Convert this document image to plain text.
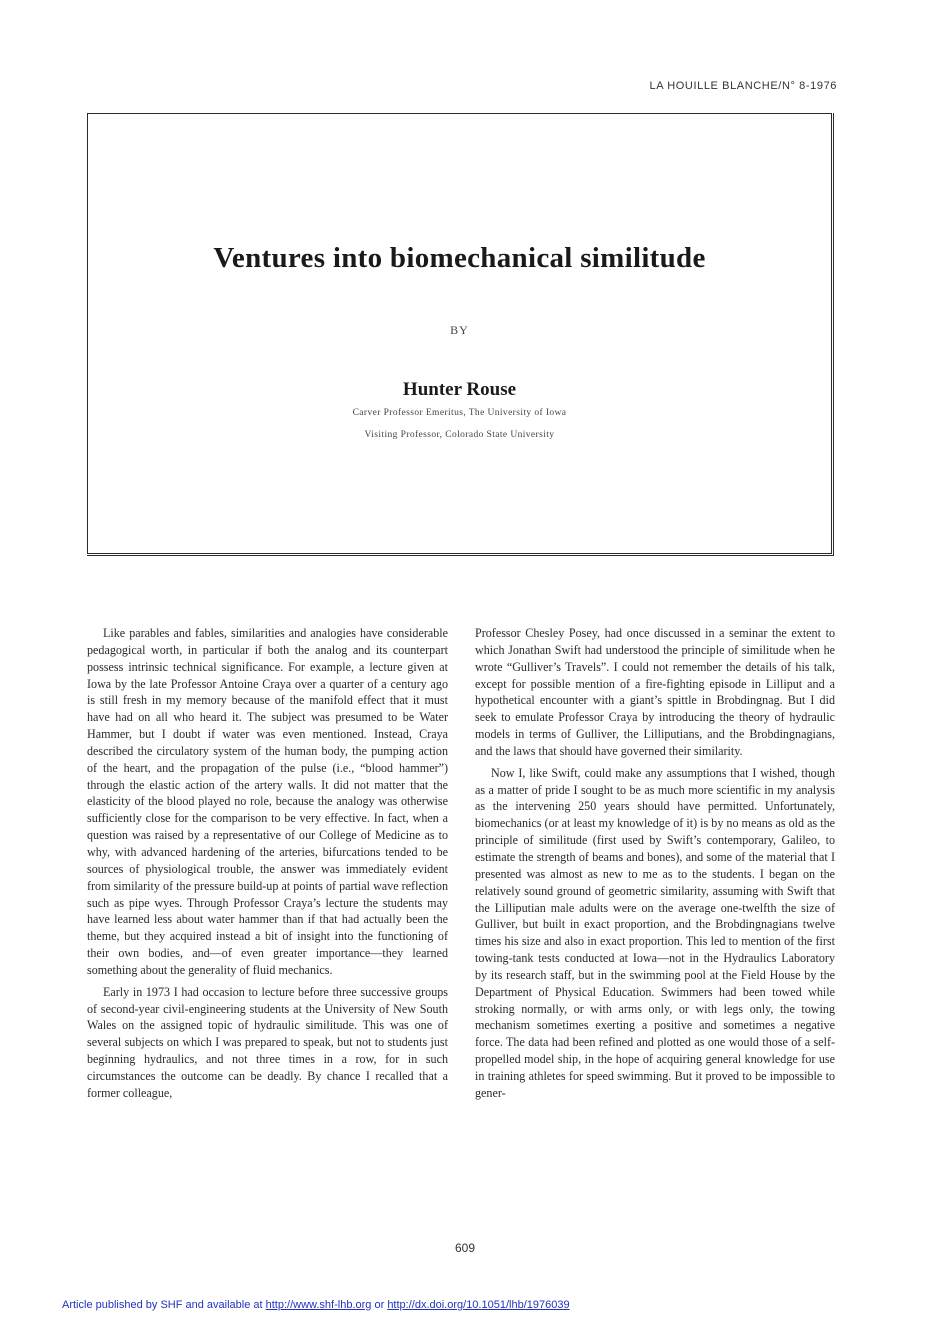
LA HOUILLE BLANCHE/N° 8-1976
Ventures into biomechanical similitude
BY
Hunter Rouse
Carver Professor Emeritus, The University of Iowa
Visiting Professor, Colorado State University

Like parables and fables, similarities and analogies have considerable pedagogical worth, in particular if both the analog and its counterpart possess intrinsic technical significance. For example, a lecture given at Iowa by the late Professor Antoine Craya over a quarter of a century ago is still fresh in my memory because of the manifold effect that it must have had on all who heard it. The subject was presumed to be Water Hammer, but I doubt if water was even mentioned. Instead, Craya described the circulatory system of the human body, the pumping action of the heart, and the propagation of the pulse (i.e., “blood hammer”) through the elastic action of the artery walls. It did not matter that the elasticity of the blood played no role, because the analogy was otherwise sufficiently close for the comparison to be very effective. In fact, when a question was raised by a representative of our College of Medicine as to why, with advanced hardening of the arteries, bifurcations tended to be sources of physiological trouble, the answer was immediately evident from similarity of the pressure build-up at points of partial wave reflection such as pipe wyes. Through Professor Craya’s lecture the students may have learned less about water hammer than if that had actually been the theme, but they acquired instead a bit of insight into the functioning of their own bodies, and—of even greater importance—they learned something about the generality of fluid mechanics.

Early in 1973 I had occasion to lecture before three successive groups of second-year civil-engineering students at the University of New South Wales on the assigned topic of hydraulic similitude. This was one of several subjects on which I was prepared to speak, but not to students just beginning hydraulics, and not three times in a row, for in such circumstances the outcome can be deadly. By chance I recalled that a former colleague,

Professor Chesley Posey, had once discussed in a seminar the extent to which Jonathan Swift had understood the principle of similitude when he wrote “Gulliver’s Travels”. I could not remember the details of his talk, except for possible mention of a fire-fighting episode in Lilliput and a hypothetical encounter with a giant’s spittle in Brobdingnag. But I did seek to emulate Professor Craya by introducing the theory of hydraulic models in terms of Gulliver, the Lilliputians, and the Brobdingnagians, and the laws that should have governed their similarity.

Now I, like Swift, could make any assumptions that I wished, though as a matter of pride I sought to be as much more scientific in my analysis as the intervening 250 years should have permitted. Unfortunately, biomechanics (or at least my knowledge of it) is by no means as old as the principle of similitude (first used by Swift’s contemporary, Galileo, to estimate the strength of beams and bones), and some of the material that I presented was almost as new to me as to the students. I began on the relatively sound ground of geometric similarity, assuming with Swift that the Lilliputian male adults were on the average one-twelfth the size of Gulliver, but built in exact proportion, and the Brobdingnagians twelve times his size and also in exact proportion. This led to mention of the first towing-tank tests conducted at Iowa—not in the Hydraulics Laboratory by its research staff, but in the swimming pool at the Field House by the Department of Physical Education. Swimmers had been towed while stroking normally, or with arms only, or with legs only, the towing mechanism sometimes exerting a positive and sometimes a negative force. The data had been refined and plotted as one would those of a self-propelled model ship, in the hope of acquiring general knowledge for use in training athletes for speed swimming. But it proved to be impossible to gener-

609
Article published by SHF and available at http://www.shf-lhb.org or http://dx.doi.org/10.1051/lhb/1976039
